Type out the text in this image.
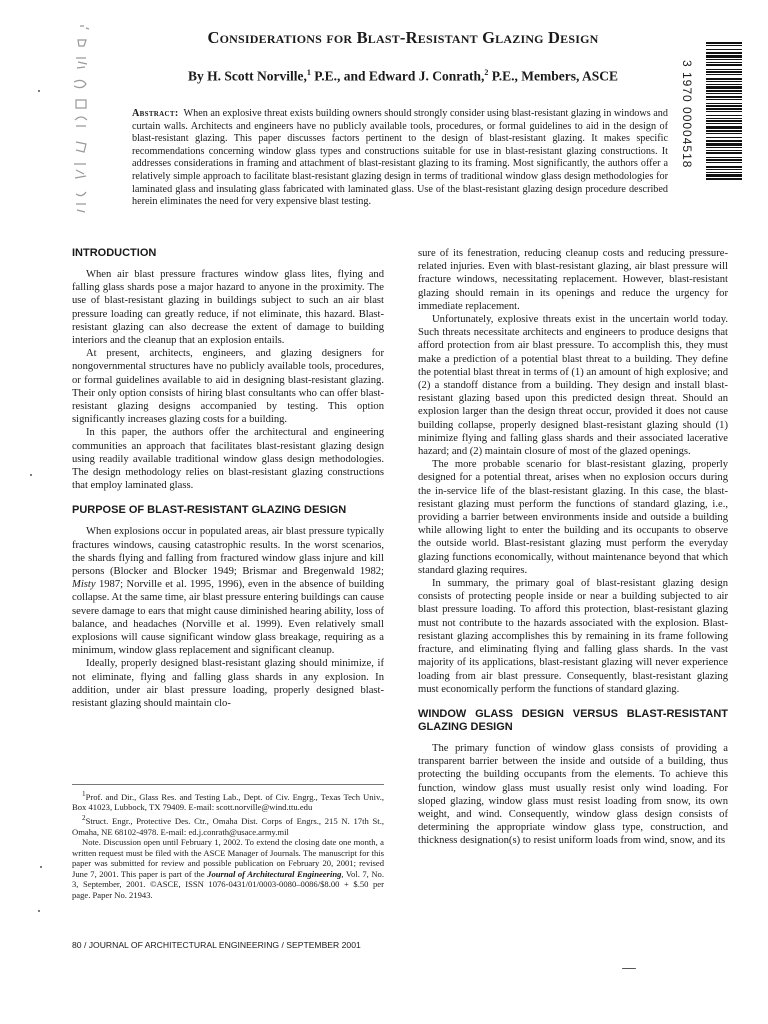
3 1970 00004518
Considerations for Blast-Resistant Glazing Design
By H. Scott Norville,$^1$ P.E., and Edward J. Conrath,$^2$ P.E., Members, ASCE
Abstract: When an explosive threat exists building owners should strongly consider using blast-resistant glazing in windows and curtain walls. Architects and engineers have no publicly available tools, procedures, or formal guidelines to aid in the design of blast-resistant glazing. This paper discusses factors pertinent to the design of blast-resistant glazing. It makes specific recommendations concerning window glass types and constructions suitable for use in blast-resistant glazing constructions. It addresses considerations in framing and attachment of blast-resistant glazing to its framing. Most significantly, the authors offer a relatively simple approach to facilitate blast-resistant glazing design in terms of traditional window glass design methodologies for laminated glass and insulating glass fabricated with laminated glass. Use of the blast-resistant glazing design procedure described herein eliminates the need for very expensive blast testing.
INTRODUCTION

When air blast pressure fractures window glass lites, flying and falling glass shards pose a major hazard to anyone in the proximity. The use of blast-resistant glazing in buildings subject to such an air blast pressure loading can greatly reduce, if not eliminate, this hazard. Blast-resistant glazing can also decrease the extent of damage to building interiors and the cleanup that an explosion entails.

At present, architects, engineers, and glazing designers for nongovernmental structures have no publicly available tools, procedures, or formal guidelines available to aid in designing blast-resistant glazing. Their only option consists of hiring blast consultants who can offer blast-resistant glazing designs accompanied by testing. This option significantly increases glazing costs for a building.

In this paper, the authors offer the architectural and engineering communities an approach that facilitates blast-resistant glazing design using readily available traditional window glass design methodologies. The design methodology relies on blast-resistant glazing constructions that employ laminated glass.

PURPOSE OF BLAST-RESISTANT GLAZING DESIGN

When explosions occur in populated areas, air blast pressure typically fractures windows, causing catastrophic results. In the worst scenarios, the shards flying and falling from fractured window glass injure and kill persons (Blocker and Blocker 1949; Brismar and Bregenwald 1982; Misty 1987; Norville et al. 1995, 1996), even in the absence of building collapse. At the same time, air blast pressure entering buildings can cause severe damage to ears that might cause diminished hearing ability, loss of balance, and headaches (Norville et al. 1999). Even relatively small explosions will cause significant window glass breakage, requiring as a minimum, window glass replacement and significant cleanup.

Ideally, properly designed blast-resistant glazing should minimize, if not eliminate, flying and falling glass shards in any explosion. In addition, under air blast pressure loading, properly designed blast-resistant glazing should maintain clo-

$^1$Prof. and Dir., Glass Res. and Testing Lab., Dept. of Civ. Engrg., Texas Tech Univ., Box 41023, Lubbock, TX 79409. E-mail: scott.norville@wind.ttu.edu

$^2$Struct. Engr., Protective Des. Ctr., Omaha Dist. Corps of Engrs., 215 N. 17th St., Omaha, NE 68102-4978. E-mail: ed.j.conrath@usace.army.mil

Note. Discussion open until February 1, 2002. To extend the closing date one month, a written request must be filed with the ASCE Manager of Journals. The manuscript for this paper was submitted for review and possible publication on February 20, 2001; revised June 7, 2001. This paper is part of the Journal of Architectural Engineering, Vol. 7, No. 3, September, 2001. ©ASCE, ISSN 1076-0431/01/0003-0080–0086/$8.00 + $.50 per page. Paper No. 21943.

sure of its fenestration, reducing cleanup costs and reducing pressure-related injuries. Even with blast-resistant glazing, air blast pressure will fracture windows, necessitating replacement. However, blast-resistant glazing should remain in its openings and reduce the urgency for immediate replacement.

Unfortunately, explosive threats exist in the uncertain world today. Such threats necessitate architects and engineers to produce designs that afford protection from air blast pressure. To accomplish this, they must make a prediction of a potential blast threat to a building. They define the potential blast threat in terms of (1) an amount of high explosive; and (2) a standoff distance from a building. They design and install blast-resistant glazing based upon this predicted design threat. Should an explosion larger than the design threat occur, provided it does not cause building collapse, properly designed blast-resistant glazing should (1) minimize flying and falling glass shards and their associated lacerative hazard; and (2) maintain closure of most of the glazed openings.

The more probable scenario for blast-resistant glazing, properly designed for a potential threat, arises when no explosion occurs during the in-service life of the blast-resistant glazing. In this case, the blast-resistant glazing must perform the functions of standard glazing, i.e., providing a barrier between environments inside and outside a building while allowing light to enter the building and its occupants to observe the outside world. Blast-resistant glazing must perform the everyday glazing functions economically, without maintenance beyond that which standard glazing requires.

In summary, the primary goal of blast-resistant glazing design consists of protecting people inside or near a building subjected to air blast pressure loading. To afford this protection, blast-resistant glazing must not contribute to the hazards associated with the explosion. Blast-resistant glazing accomplishes this by remaining in its frame following fracture, and eliminating flying and falling glass shards. In the vast majority of its applications, blast-resistant glazing will never experience loading from air blast pressure. Consequently, blast-resistant glazing must economically perform the functions of standard glazing.

WINDOW GLASS DESIGN VERSUS BLAST-RESISTANT GLAZING DESIGN

The primary function of window glass consists of providing a transparent barrier between the inside and outside of a building, thus protecting the building occupants from the elements. To achieve this function, window glass must usually resist only wind loading. For sloped glazing, window glass must resist loading from snow, its own weight, and wind. Consequently, window glass design consists of determining the appropriate window glass type, construction, and thickness designation(s) to resist uniform loads from wind, snow, and its

80 / JOURNAL OF ARCHITECTURAL ENGINEERING / SEPTEMBER 2001
